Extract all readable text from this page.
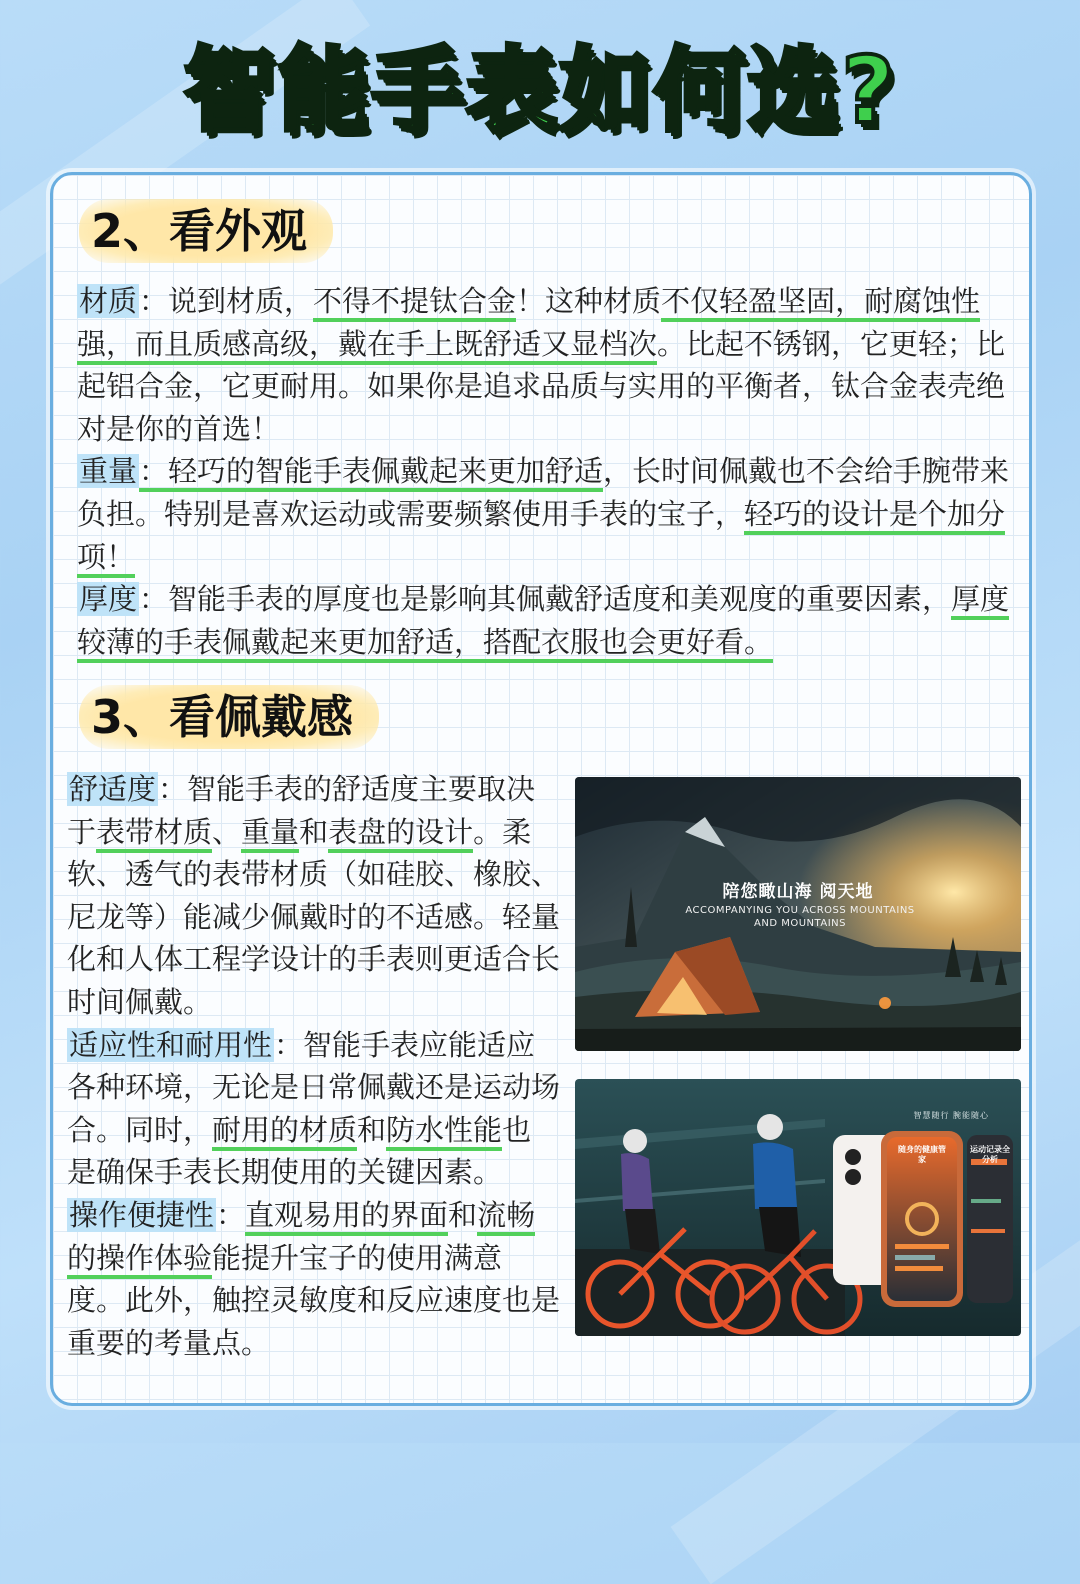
智能手表如何选?
2、看外观

材质：说到材质，不得不提钛合金！这种材质不仅轻盈坚固，耐腐蚀性强，而且质感高级，戴在手上既舒适又显档次。比起不锈钢，它更轻；比起铝合金，它更耐用。如果你是追求品质与实用的平衡者，钛合金表壳绝对是你的首选！
重量：轻巧的智能手表佩戴起来更加舒适，长时间佩戴也不会给手腕带来负担。特别是喜欢运动或需要频繁使用手表的宝子，轻巧的设计是个加分项！
厚度：智能手表的厚度也是影响其佩戴舒适度和美观度的重要因素，厚度较薄的手表佩戴起来更加舒适，搭配衣服也会更好看。

3、看佩戴感

舒适度：智能手表的舒适度主要取决于表带材质、重量和表盘的设计。柔软、透气的表带材质（如硅胶、橡胶、尼龙等）能减少佩戴时的不适感。轻量化和人体工程学设计的手表则更适合长时间佩戴。
适应性和耐用性：智能手表应能适应各种环境，无论是日常佩戴还是运动场合。同时，耐用的材质和防水性能也是确保手表长期使用的关键因素。
操作便捷性：直观易用的界面和流畅的操作体验能提升宝子的使用满意度。此外，触控灵敏度和反应速度也是重要的考量点。

陪您瞰山海 阅天地
ACCOMPANYING YOU ACROSS MOUNTAINS AND MOUNTAINS
智慧随行 腕能随心
随身的健康管家
运动记录全分析
